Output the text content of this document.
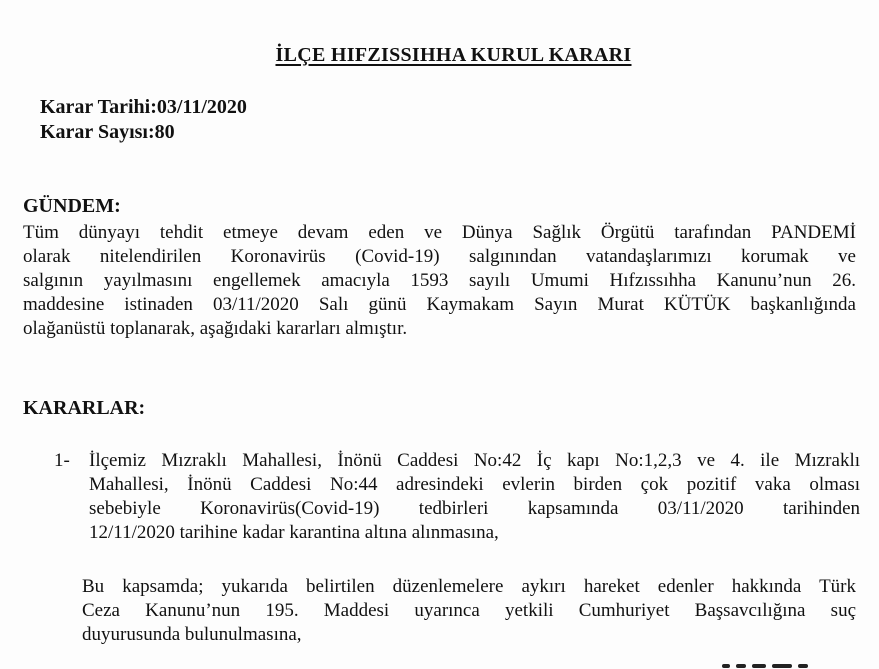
İLÇE HIFZISSIHHA KURUL KARARI
Karar Tarihi:03/11/2020
Karar Sayısı:80
GÜNDEM:
Tüm dünyayı tehdit etmeye devam eden ve Dünya Sağlık Örgütü tarafından PANDEMİ
olarak nitelendirilen Koronavirüs (Covid-19) salgınından vatandaşlarımızı korumak ve
salgının yayılmasını engellemek amacıyla 1593 sayılı Umumi Hıfzıssıhha Kanunu’nun 26.
maddesine istinaden 03/11/2020 Salı günü Kaymakam Sayın Murat KÜTÜK başkanlığında
olağanüstü toplanarak, aşağıdaki kararları almıştır.
KARARLAR:
1- İlçemiz Mızraklı Mahallesi, İnönü Caddesi No:42 İç kapı No:1,2,3 ve 4. ile Mızraklı
Mahallesi, İnönü Caddesi No:44 adresindeki evlerin birden çok pozitif vaka olması
sebebiyle Koronavirüs(Covid-19) tedbirleri kapsamında 03/11/2020 tarihinden
12/11/2020 tarihine kadar karantina altına alınmasına,
Bu kapsamda; yukarıda belirtilen düzenlemelere aykırı hareket edenler hakkında Türk
Ceza Kanunu’nun 195. Maddesi uyarınca yetkili Cumhuriyet Başsavcılığına suç
duyurusunda bulunulmasına,
